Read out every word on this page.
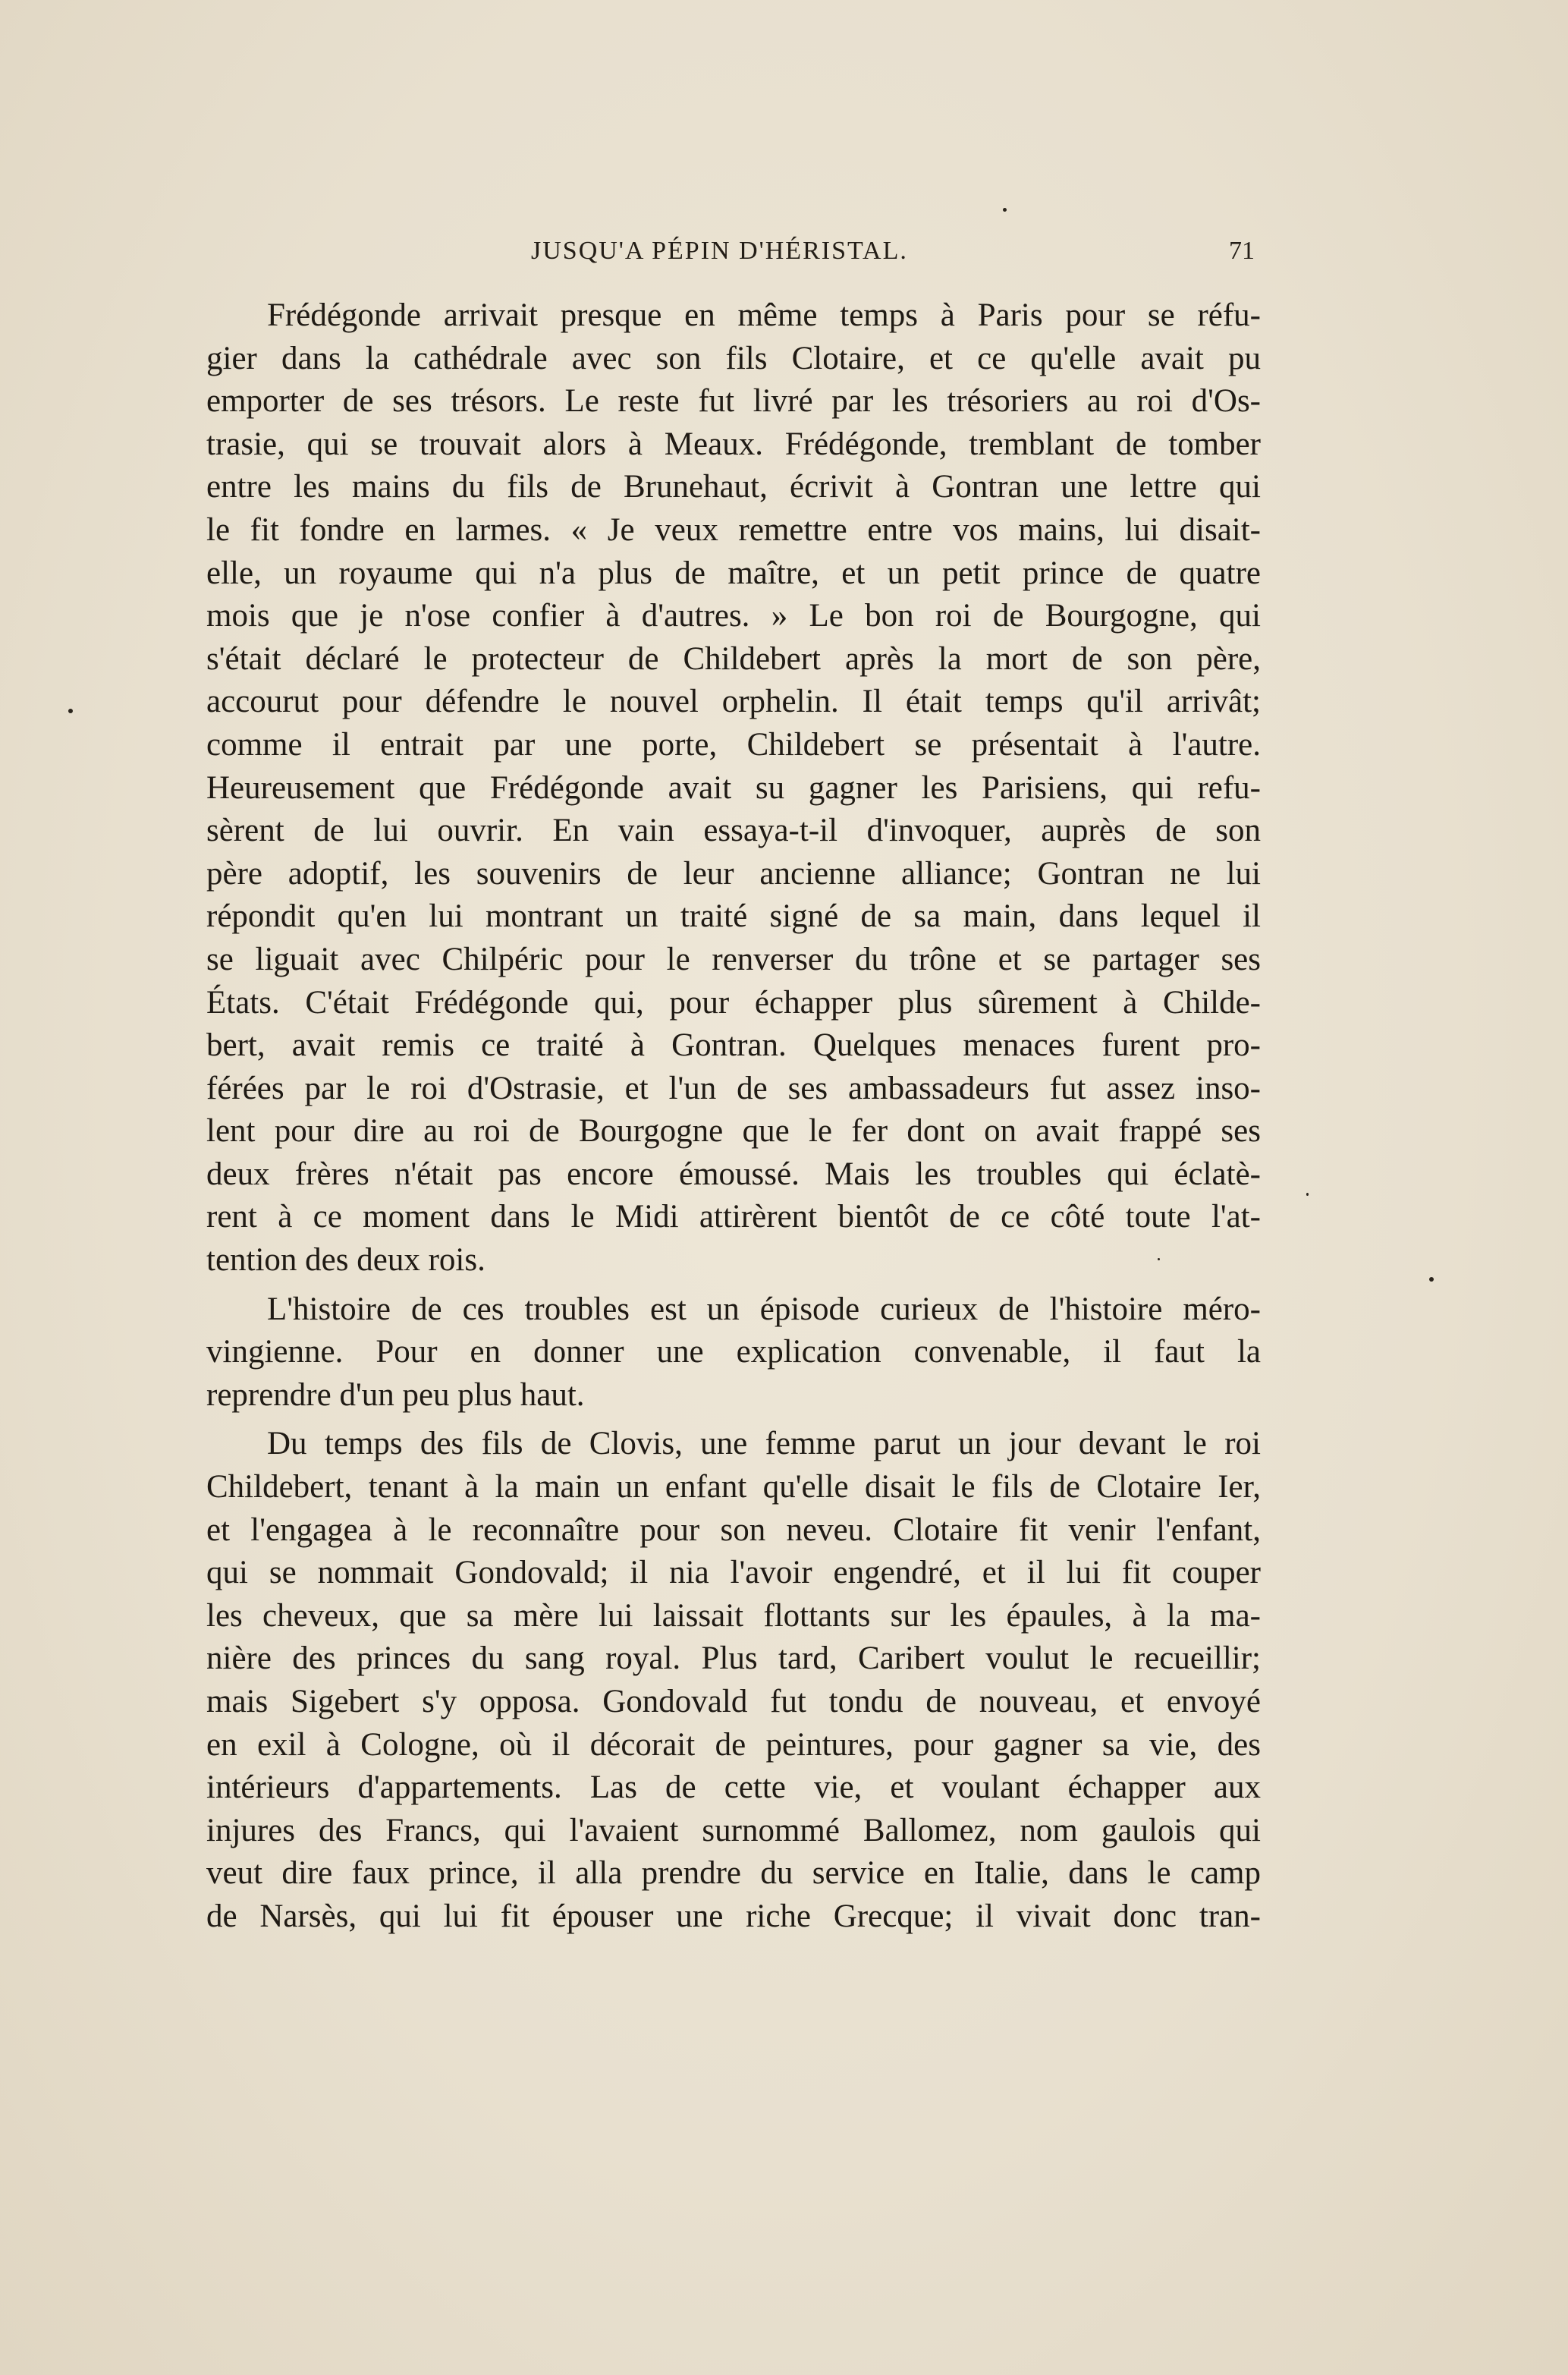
JUSQU'A PÉPIN D'HÉRISTAL.	71
Frédégonde arrivait presque en même temps à Paris pour se réfu-
gier dans la cathédrale avec son fils Clotaire, et ce qu'elle avait pu
emporter de ses trésors. Le reste fut livré par les trésoriers au roi d'Os-
trasie, qui se trouvait alors à Meaux. Frédégonde, tremblant de tomber
entre les mains du fils de Brunehaut, écrivit à Gontran une lettre qui
le fit fondre en larmes. « Je veux remettre entre vos mains, lui disait-
elle, un royaume qui n'a plus de maître, et un petit prince de quatre
mois que je n'ose confier à d'autres. » Le bon roi de Bourgogne, qui
s'était déclaré le protecteur de Childebert après la mort de son père,
accourut pour défendre le nouvel orphelin. Il était temps qu'il arrivât;
comme il entrait par une porte, Childebert se présentait à l'autre.
Heureusement que Frédégonde avait su gagner les Parisiens, qui refu-
sèrent de lui ouvrir. En vain essaya-t-il d'invoquer, auprès de son
père adoptif, les souvenirs de leur ancienne alliance; Gontran ne lui
répondit qu'en lui montrant un traité signé de sa main, dans lequel il
se liguait avec Chilpéric pour le renverser du trône et se partager ses
États. C'était Frédégonde qui, pour échapper plus sûrement à Childe-
bert, avait remis ce traité à Gontran. Quelques menaces furent pro-
férées par le roi d'Ostrasie, et l'un de ses ambassadeurs fut assez inso-
lent pour dire au roi de Bourgogne que le fer dont on avait frappé ses
deux frères n'était pas encore émoussé. Mais les troubles qui éclatè-
rent à ce moment dans le Midi attirèrent bientôt de ce côté toute l'at-
tention des deux rois.
L'histoire de ces troubles est un épisode curieux de l'histoire méro-
vingienne. Pour en donner une explication convenable, il faut la
reprendre d'un peu plus haut.
Du temps des fils de Clovis, une femme parut un jour devant le roi
Childebert, tenant à la main un enfant qu'elle disait le fils de Clotaire Ier,
et l'engagea à le reconnaître pour son neveu. Clotaire fit venir l'enfant,
qui se nommait Gondovald; il nia l'avoir engendré, et il lui fit couper
les cheveux, que sa mère lui laissait flottants sur les épaules, à la ma-
nière des princes du sang royal. Plus tard, Caribert voulut le recueillir;
mais Sigebert s'y opposa. Gondovald fut tondu de nouveau, et envoyé
en exil à Cologne, où il décorait de peintures, pour gagner sa vie, des
intérieurs d'appartements. Las de cette vie, et voulant échapper aux
injures des Francs, qui l'avaient surnommé Ballomez, nom gaulois qui
veut dire faux prince, il alla prendre du service en Italie, dans le camp
de Narsès, qui lui fit épouser une riche Grecque; il vivait donc tran-
